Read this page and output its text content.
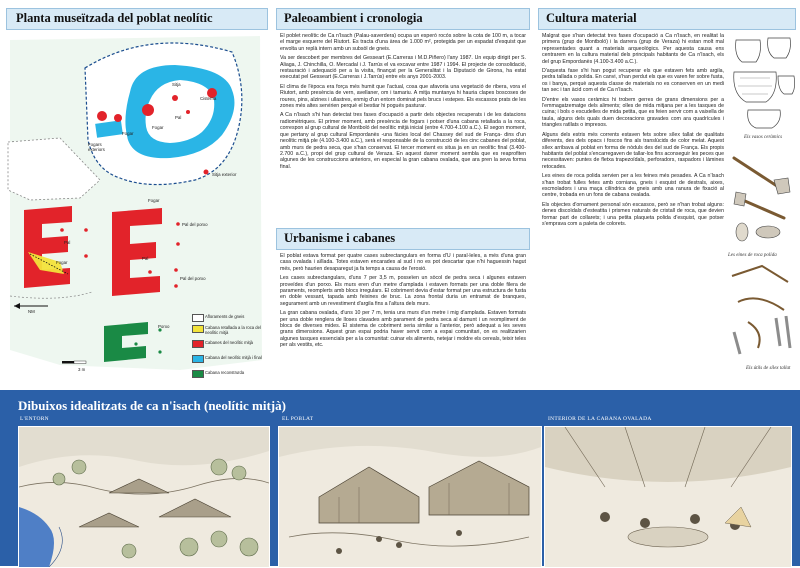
Planta museïtzada del poblat neolític
Sitja
Pal
Fogar
Cisterna
Fogars exteriors
Fogar
Sitja exterior
Fogar
Pal del porxo
Pal
Fogar
Pal del porxo
Pal
Porxo
NM
3 m
Afloraments de gneis
Cabana retallada a la roca del neolític mitjà
Cabanes del neolític mitjà
Cabana del neolític mitjà i final
Cabana reconstruïda
Paleoambient i cronologia

El poblet neolític de Ca n'Isach (Palau-saverdera) ocupa un esperó rocós sobre la cota de 100 m, a tocar el marge esquerre del Riutort. Es tracta d'una àrea de 1.000 m², protegida per un espadat d'esquist que envolta un replà intern amb un subsòl de gneis.

Va ser descobert per membres del Gesseart (E.Carreras i M.D.Piñero) l'any 1987. Un equip dirigit per S. Aliaga, J. Chinchilla, O. Mercadal i J. Tarrús el va excavar entre 1987 i 1994. El projecte de consolidació, restauració i adequació per a la visita, finançat per la Generalitat i la Diputació de Girona, ha estat executat pel Gesseart (E.Carreras i J.Tarrús) entre els anys 2001-2003.

El clima de l'època era força més humit que l'actual, cosa que afavoria una vegetació de ribera, vora el Riutort, amb presència de vern, avellaner, om i tamariu. A mitja muntanya hi hauria clapes boscoses de roures, pins, alzines i ullastres, enmig d'un entorn dominat pels brucs i estepes. Els escassos prats de les zones més altes servirien perquè el bestiar hi pogués pasturar.

A Ca n'Isach s'hi han detectat tres fases d'ocupació a partir dels objectes recuperats i de les datacions radiomètriques. El primer moment, amb presència de fogars i potser d'una cabana retallada a la roca, correspon al grup cultural de Montboló del neolític mitjà inicial (entre 4.700-4.100 a.C.). El segon moment, que pertany al grup cultural Empordanès -una fàcies local del Chassey del sud de França- dins d'un neolític mitjà ple (4.100-3.400 a.C.), serà el responsable de la construcció de les cinc cabanes del poblat, amb murs de pedra seca, que s'han conservat. El tercer moment es situa ja en un neolític final (3.400-2.700 a.C.), propi del grup cultural de Veraza. En aquest darrer moment sembla que es reaprofiten algunes de les construccions anteriors, en especial la gran cabana ovalada, que ara pren la seva forma final.

Urbanisme i cabanes

El poblat estava format per quatre cases subrectangulars en forma d'U i paral·leles, a més d'una gran casa ovalada i aïllada. Totes estaven encarades al sud i no es pot descartar que n'hi haguessin hagut més, però haurien desaparegut ja fa temps a causa de l'erosió.

Les cases subrectangulars, d'uns 7 per 3,5 m, posseïen un sòcol de pedra seca i algunes estaven proveïdes d'un porxo. Els murs eren d'un metre d'amplada i estaven formats per una doble filera de paraments, reomplerts amb blocs irregulars. El cobriment devia d'estar format per una estructura de fusta en doble vessant, tapada amb feixines de bruc. La zona frontal duria un entramat de branques, segurament amb un revestiment d'argila fins a l'altura dels murs.

La gran cabana ovalada, d'uns 10 per 7 m, tenia uns murs d'un metre i mig d'amplada. Estaven formats per una doble renglera de lloses clavades amb parament de pedra seca al damunt i un reompliment de blocs de diverses mides. El sistema de cobriment seria similar a l'anterior, però adequat a les seves grans dimensions. Aquest gran espai podria haver servit com a espai comunitari, on es realitzarien algunes tasques essencials per a la comunitat: cuinar els aliments, netejar i moldre els cereals, teixir teles per als vestits, etc.

Cultura material

Malgrat que s'han detectat tres fases d'ocupació a Ca n'Isach, en realitat la primera (grup de Montboló) i la darrera (grup de Veraza) hi estan molt mal representades quant a materials arqueològics. Per aquesta causa ens centrarem en la cultura material dels principals habitants de Ca n'Isach, els del grup Empordanès (4.100-3.400 a.C.).

D'aquesta fase s'hi han pogut recuperar els que estaven fets amb argila, pedra tallada o polida. En canvi, s'han perdut els que es varen fer sobre fusta, os i banya, perquè aquesta classe de materials no es conserven en un medi tan sec i tan àcid com el de Ca n'Isach.

D'entre els vasos ceràmics hi trobem gerres de grans dimensions per a l'emmagatzematge dels aliments; olles de mida mitjana per a les tasques de cuina; i bols o escudelles de mida petita, que es feien servir com a vaixella de taula, alguns dels quals duen decoracions gravades com ara quadrícules i triangles ratllats o impresos.

Alguns dels estris més corrents estaven fets sobre sílex tallat de qualitats diferents, des dels opacs i foscos fins als translúcids de color melat. Aquest sílex arribava al poblat en forma de nòduls des del sud de França. Els propis habitants del poblat s'encarregaven de tallar-los fins aconseguir les peces que necessitaven: puntes de fletxa trapezoïdals, perforadors, raspadors i làmines retocades.

Les eines de roca polida servien per a les feines més pesades. A Ca n'Isach s'han trobat fulles fetes amb corniana, gneis i esquist de destrals, aixes, escmoladors i una maça cilíndrica de gneis amb una ranura de fixació al centre, trobada en un fons de cabana ovalada.

Els objectes d'ornament personal són escassos, però se n'han trobat alguns: denes discoïdals d'esteatita i prismes naturals de cristall de roca, que devien formar part de collarets; i una petita plaqueta polida d'esquist, que potser s'emprava com a paleta de colorets.

Els vasos ceràmics
Les eines de roca polida
Els útils de sílex tallat
Dibuixos idealitzats de ca n'isach (neolític mitjà)
L'ENTORN	EL POBLAT	INTERIOR DE LA CABANA OVALADA
